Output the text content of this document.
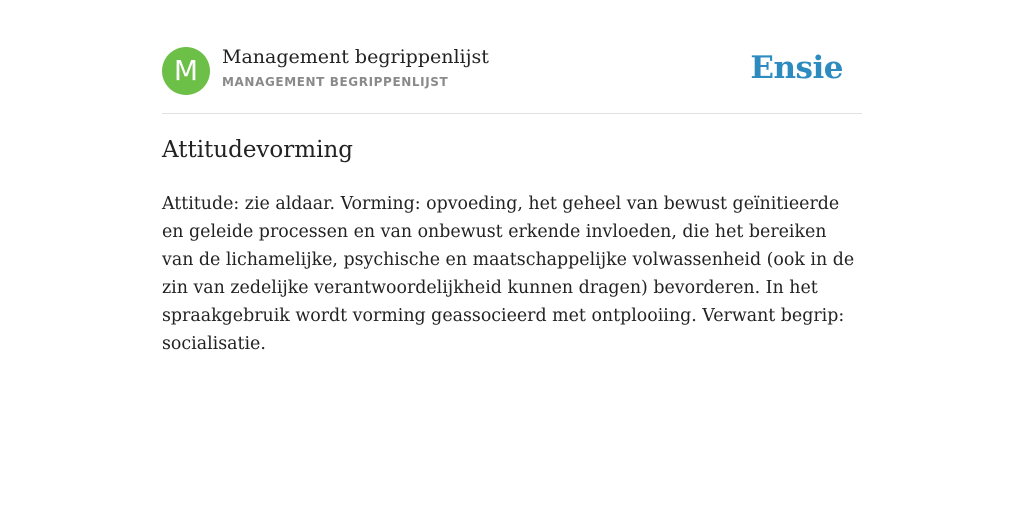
M	Management begrippenlijst
MANAGEMENT BEGRIPPENLIJST	Ensie
Attitudevorming

Attitude: zie aldaar. Vorming: opvoeding, het geheel van bewust geïnitieerde en geleide processen en van onbewust erkende invloeden, die het bereiken van de lichamelijke, psychische en maatschappelijke volwassenheid (ook in de zin van zedelijke verantwoordelijkheid kunnen dragen) bevorderen. In het spraakgebruik wordt vorming geassocieerd met ontplooiing. Verwant begrip: socialisatie.
